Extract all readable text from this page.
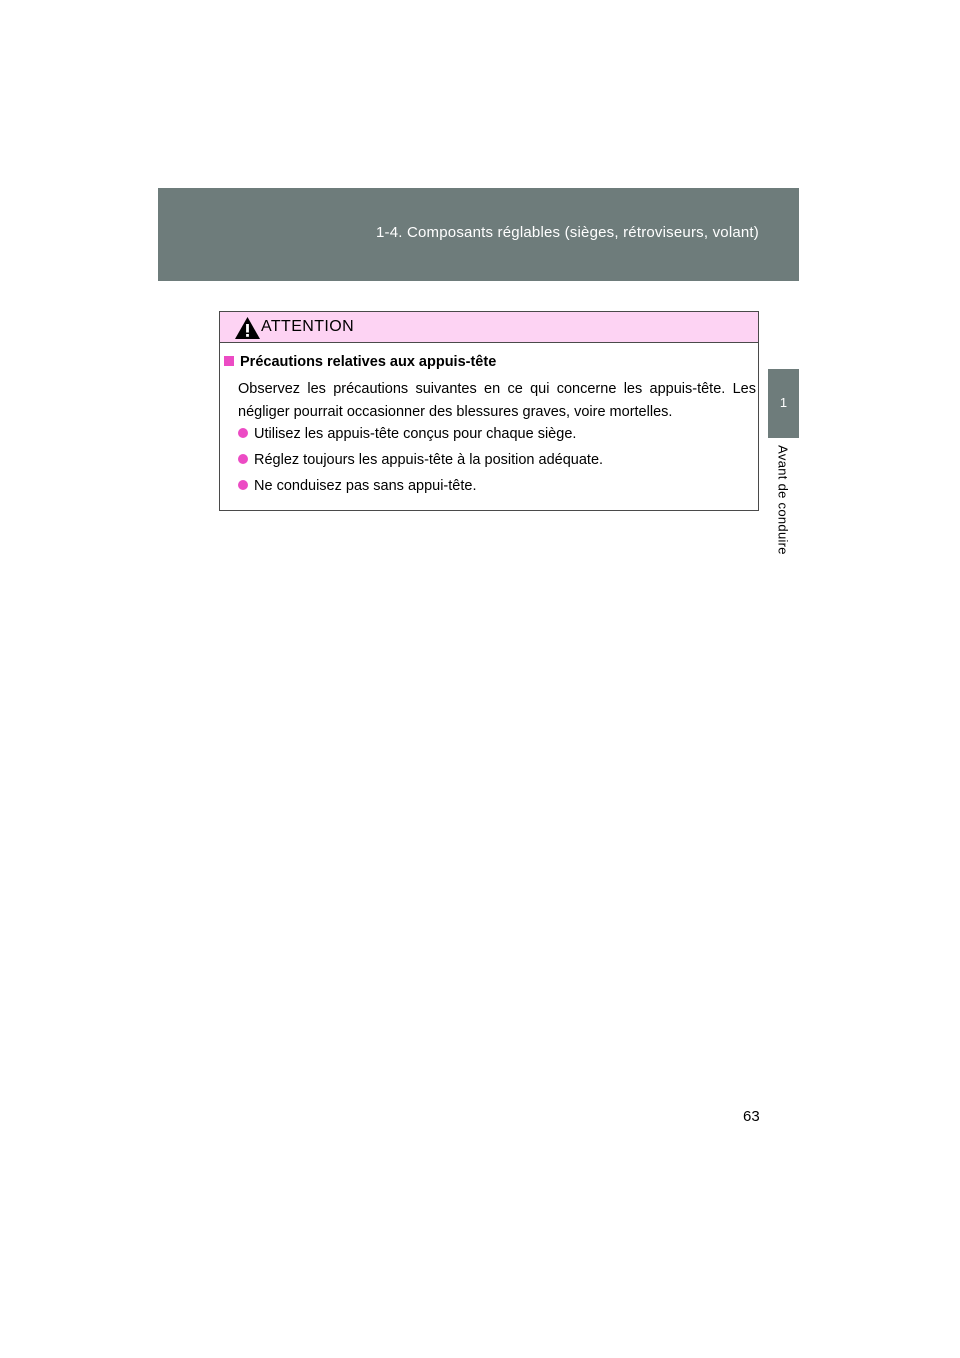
1-4. Composants réglables (sièges, rétroviseurs, volant)
1
Avant de conduire
ATTENTION
Précautions relatives aux appuis-tête

Observez les précautions suivantes en ce qui concerne les appuis-tête. Les négliger pourrait occasionner des blessures graves, voire mortelles.

Utilisez les appuis-tête conçus pour chaque siège.
Réglez toujours les appuis-tête à la position adéquate.
Ne conduisez pas sans appui-tête.
63
